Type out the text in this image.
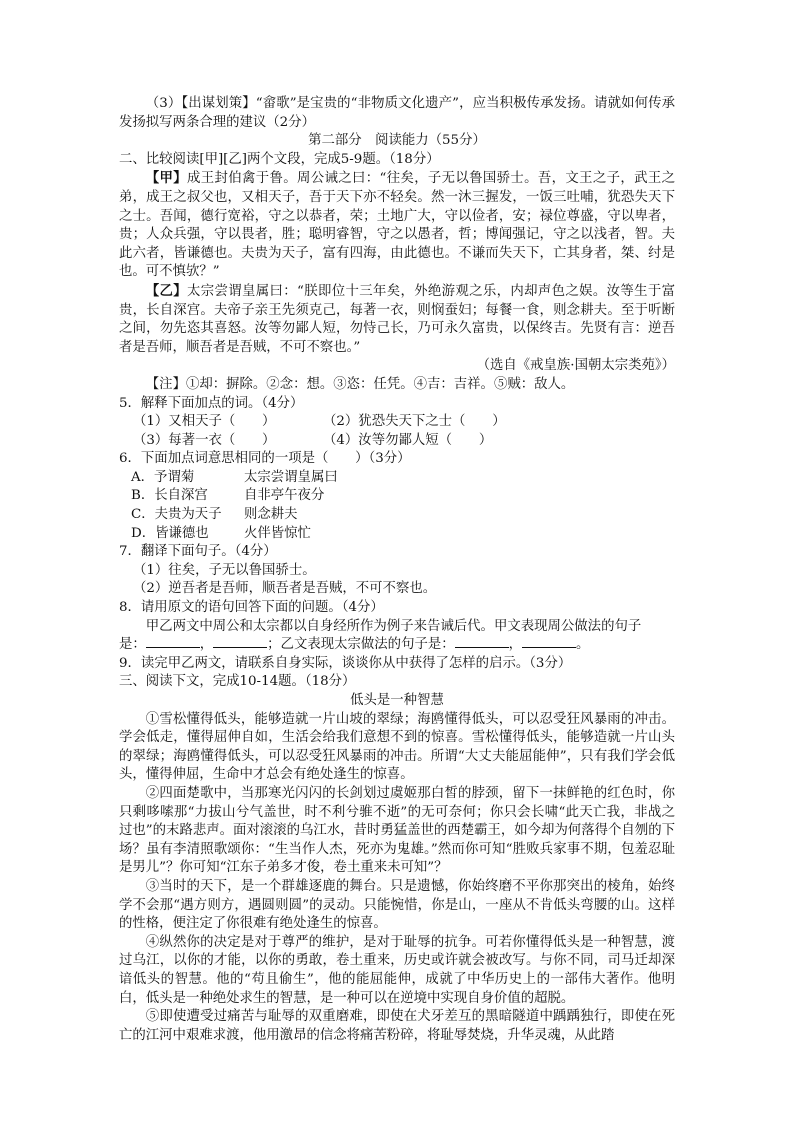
（3）【出谋划策】“畲歌”是宝贵的“非物质文化遗产”，应当积极传承发扬。请就如何传承发扬拟写两条合理的建议（2分）

第二部分　阅读能力（55分）

二、比较阅读[甲][乙]两个文段，完成5-9题。（18分）

【甲】成王封伯禽于鲁。周公诫之曰：“往矣，子无以鲁国骄士。吾，文王之子，武王之弟，成王之叔父也，又相天子，吾于天下亦不轻矣。然一沐三握发，一饭三吐哺，犹恐失天下之士。吾闻，德行宽裕，守之以恭者，荣；土地广大，守以俭者，安；禄位尊盛，守以卑者，贵；人众兵强，守以畏者，胜；聪明睿智，守之以愚者，哲；博闻强记，守之以浅者，智。夫此六者，皆谦德也。夫贵为天子，富有四海，由此德也。不谦而失天下，亡其身者，桀、纣是也。可不慎欤？”

【乙】太宗尝谓皇属曰：“朕即位十三年矣，外绝游观之乐，内却声色之娱。汝等生于富贵，长自深宫。夫帝子亲王先须克己，每著一衣，则悯蚕妇；每餐一食，则念耕夫。至于听断之间，勿先恣其喜怒。汝等勿鄙人短，勿恃己长，乃可永久富贵，以保终吉。先贤有言：逆吾者是吾师，顺吾者是吾贼，不可不察也。”

（选自《戒皇族·国朝太宗类苑》）

【注】①却：摒除。②念：想。③恣：任凭。④吉：吉祥。⑤贼：敌人。

5．解释下面加点的词。（4分）

（1）又相天子（　　）	（2）犹恐失天下之士（　　）
（3）每著一衣（　　）	（4）汝等勿鄙人短（　　）

6．下面加点词意思相同的一项是（　　）（3分）

A．予谓菊	太宗尝谓皇属曰
B．长自深宫	自非亭午夜分
C．夫贵为天子	则念耕夫
D．皆谦德也	火伴皆惊忙

7．翻译下面句子。（4分）

（1）往矣，子无以鲁国骄士。

（2）逆吾者是吾师，顺吾者是吾贼，不可不察也。

8．请用原文的语句回答下面的问题。（4分）

甲乙两文中周公和太宗都以自身经所作为例子来告诫后代。甲文表现周公做法的句子

是：	，	；乙文表现太宗做法的句子是：	，	。

9．读完甲乙两文，请联系自身实际，谈谈你从中获得了怎样的启示。（3分）

三、阅读下文，完成10-14题。（18分）

低头是一种智慧

①雪松懂得低头，能够造就一片山坡的翠绿；海鸥懂得低头，可以忍受狂风暴雨的冲击。学会低走，懂得屈伸自如，生活会给我们意想不到的惊喜。雪松懂得低头，能够造就一片山头的翠绿；海鸥懂得低头，可以忍受狂风暴雨的冲击。所谓“大丈夫能屈能伸”，只有我们学会低头，懂得伸屈，生命中才总会有绝处逢生的惊喜。

②四面楚歌中，当那寒光闪闪的长剑划过虞姬那白皙的脖颈，留下一抹鲜艳的红色时，你只剩哆嗦那“力拔山兮气盖世，时不利兮骓不逝”的无可奈何；你只会长啸“此天亡我，非战之过也”的末路悲声。面对滚滚的乌江水，昔时勇猛盖世的西楚霸王，如今却为何落得个自刎的下场？虽有李清照歌颂你：“生当作人杰，死亦为鬼雄。”然而你可知“胜败兵家事不期，包羞忍耻是男儿”？你可知“江东子弟多才俊，卷土重来未可知”？

③当时的天下，是一个群雄逐鹿的舞台。只是遗憾，你始终磨不平你那突出的棱角，始终学不会那“遇方则方，遇圆则圆”的灵动。只能惋惜，你是山，一座从不肯低头弯腰的山。这样的性格，便注定了你很难有绝处逢生的惊喜。

④纵然你的决定是对于尊严的维护，是对于耻辱的抗争。可若你懂得低头是一种智慧，渡过乌江，以你的才能，以你的勇敢，卷土重来，历史或许就会被改写。与你不同，司马迁却深谙低头的智慧。他的“苟且偷生”，他的能屈能伸，成就了中华历史上的一部伟大著作。他明白，低头是一种绝处求生的智慧，是一种可以在逆境中实现自身价值的超脱。

⑤即使遭受过痛苦与耻辱的双重磨难，即使在犬牙差互的黑暗隧道中踽踽独行，即使在死亡的江河中艰难求渡，他用激昂的信念将痛苦粉碎，将耻辱焚烧，升华灵魂，从此踏
